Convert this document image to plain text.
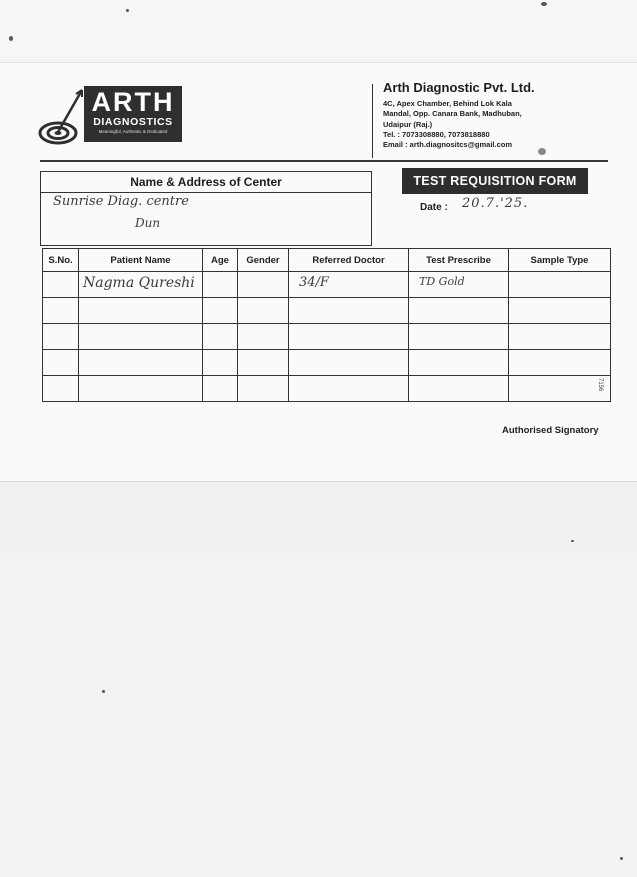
ARTH
DIAGNOSTICS
Meaningful, Authentic & Dedicated
Arth Diagnostic Pvt. Ltd.
4C, Apex Chamber, Behind Lok Kala
Mandal, Opp. Canara Bank, Madhuban,
Udaipur (Raj.)
Tel. : 7073308880, 7073818880
Email : arth.diagnositcs@gmail.com
Name & Address of Center
Sunrise Diag. centre
Dun
TEST REQUISITION FORM
Date : 20.7.'25.
S.No.	Patient Name	Age	Gender	Referred Doctor	Test Prescribe	Sample Type

	Nagma Qureshi			34/F	TD Gold	

7156
Authorised Signatory
